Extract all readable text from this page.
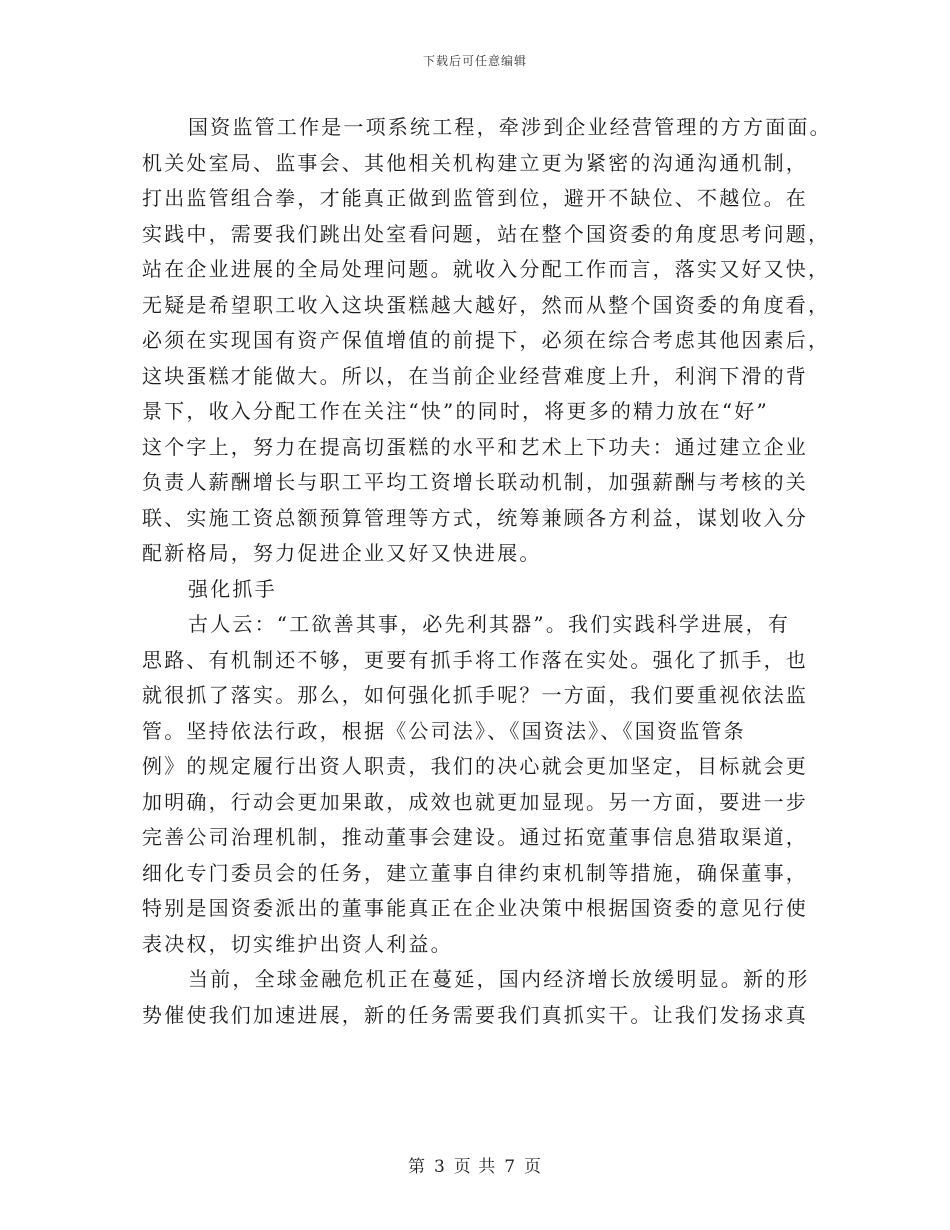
下载后可任意编辑
国资监管工作是一项系统工程，牵涉到企业经营管理的方方面面。
机关处室局、监事会、其他相关机构建立更为紧密的沟通沟通机制，
打出监管组合拳，才能真正做到监管到位，避开不缺位、不越位。在
实践中，需要我们跳出处室看问题，站在整个国资委的角度思考问题，
站在企业进展的全局处理问题。就收入分配工作而言，落实又好又快，
无疑是希望职工收入这块蛋糕越大越好，然而从整个国资委的角度看，
必须在实现国有资产保值增值的前提下，必须在综合考虑其他因素后，
这块蛋糕才能做大。所以，在当前企业经营难度上升，利润下滑的背
景下，收入分配工作在关注“快”的同时，将更多的精力放在“好”
这个字上，努力在提高切蛋糕的水平和艺术上下功夫：通过建立企业
负责人薪酬增长与职工平均工资增长联动机制，加强薪酬与考核的关
联、实施工资总额预算管理等方式，统筹兼顾各方利益，谋划收入分
配新格局，努力促进企业又好又快进展。
强化抓手
古人云：“工欲善其事，必先利其器”。我们实践科学进展，有
思路、有机制还不够，更要有抓手将工作落在实处。强化了抓手，也
就很抓了落实。那么，如何强化抓手呢？一方面，我们要重视依法监
管。坚持依法行政，根据《公司法》、《国资法》、《国资监管条
例》的规定履行出资人职责，我们的决心就会更加坚定，目标就会更
加明确，行动会更加果敢，成效也就更加显现。另一方面，要进一步
完善公司治理机制，推动董事会建设。通过拓宽董事信息猎取渠道，
细化专门委员会的任务，建立董事自律约束机制等措施，确保董事，
特别是国资委派出的董事能真正在企业决策中根据国资委的意见行使
表决权，切实维护出资人利益。
当前，全球金融危机正在蔓延，国内经济增长放缓明显。新的形
势催使我们加速进展，新的任务需要我们真抓实干。让我们发扬求真
第 3 页 共 7 页
